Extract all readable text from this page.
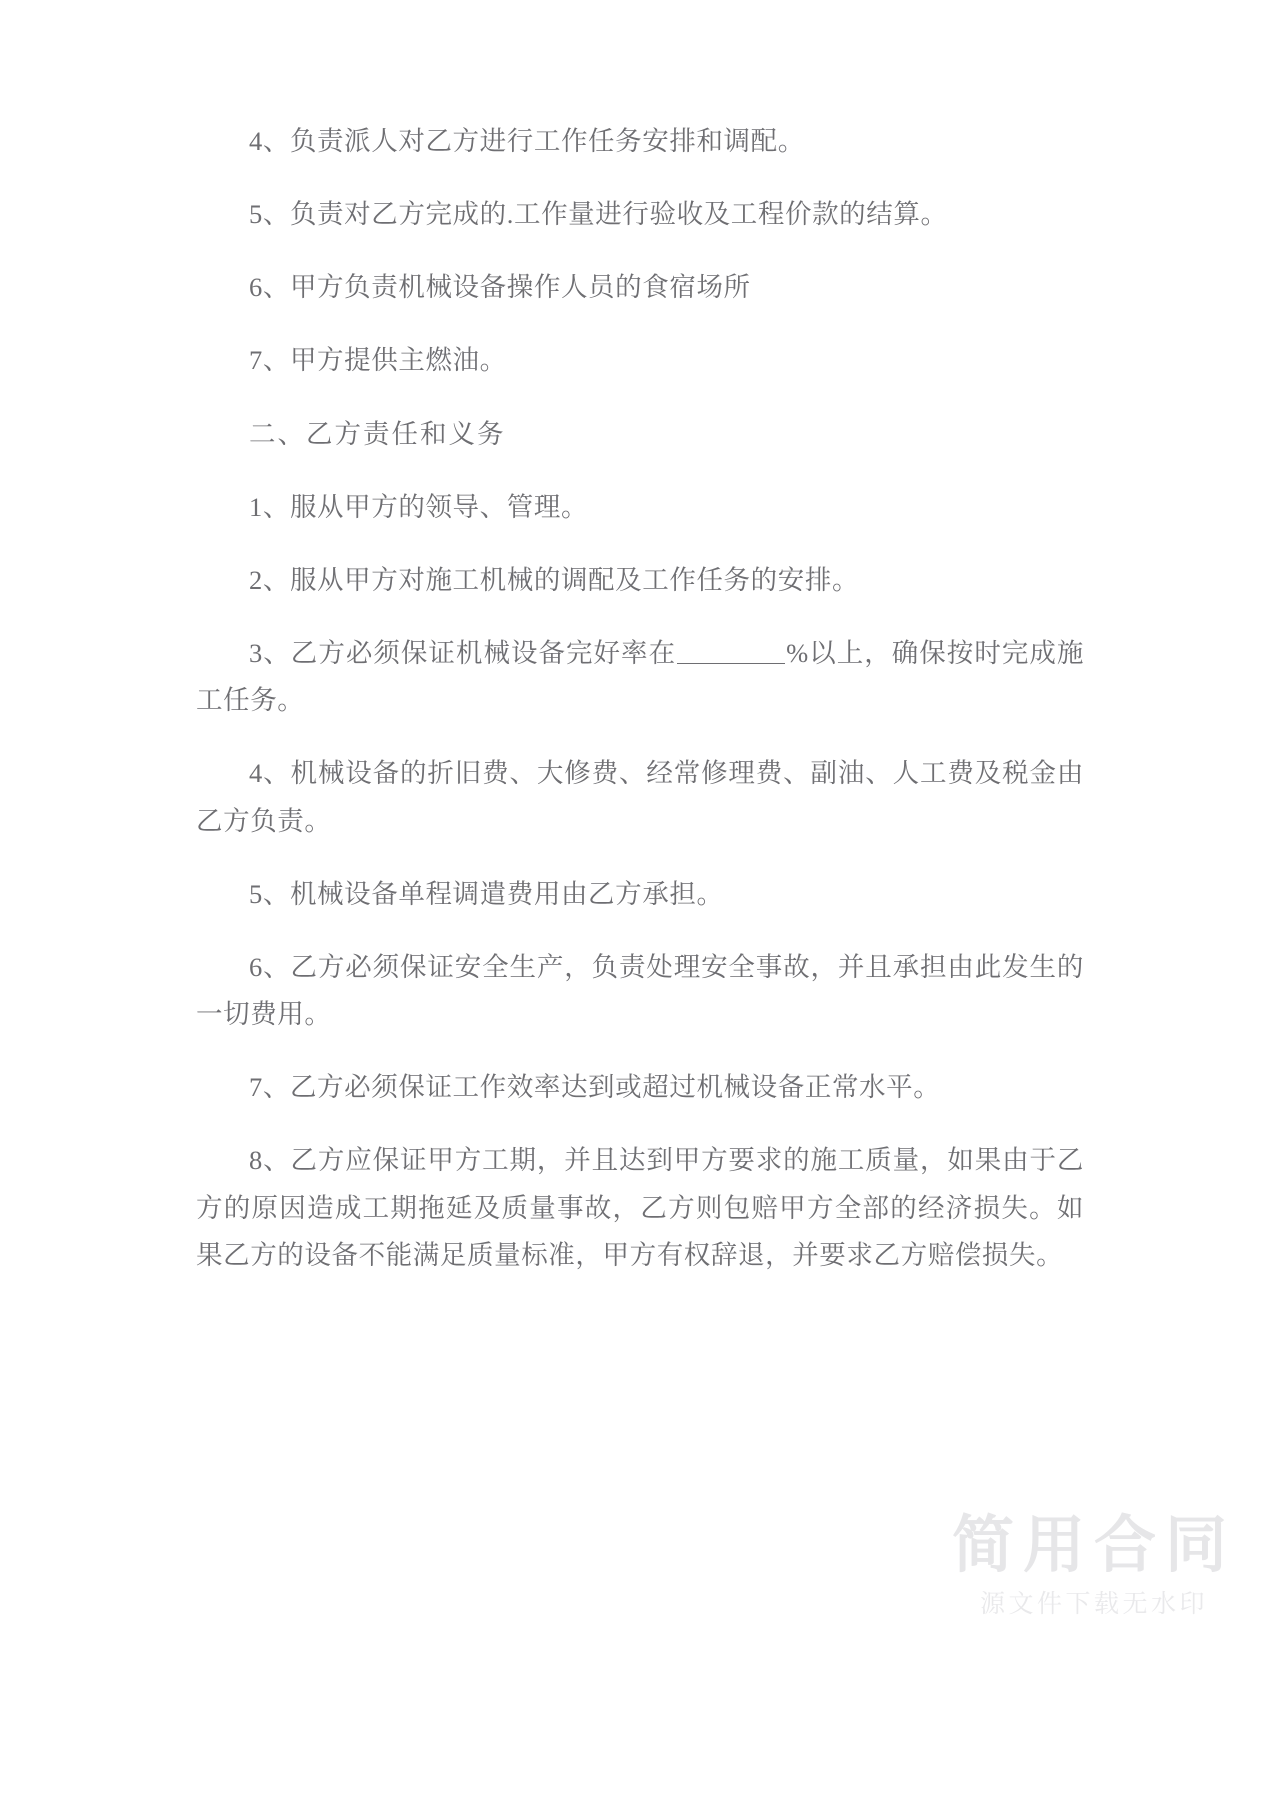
4、负责派人对乙方进行工作任务安排和调配。

5、负责对乙方完成的.工作量进行验收及工程价款的结算。

6、甲方负责机械设备操作人员的食宿场所

7、甲方提供主燃油。

二、乙方责任和义务

1、服从甲方的领导、管理。

2、服从甲方对施工机械的调配及工作任务的安排。

3、乙方必须保证机械设备完好率在	%以上，确保按时完成施工任务。

4、机械设备的折旧费、大修费、经常修理费、副油、人工费及税金由乙方负责。

5、机械设备单程调遣费用由乙方承担。

6、乙方必须保证安全生产，负责处理安全事故，并且承担由此发生的一切费用。

7、乙方必须保证工作效率达到或超过机械设备正常水平。

8、乙方应保证甲方工期，并且达到甲方要求的施工质量，如果由于乙方的原因造成工期拖延及质量事故，乙方则包赔甲方全部的经济损失。如果乙方的设备不能满足质量标准，甲方有权辞退，并要求乙方赔偿损失。

简用合同
源文件下载无水印
